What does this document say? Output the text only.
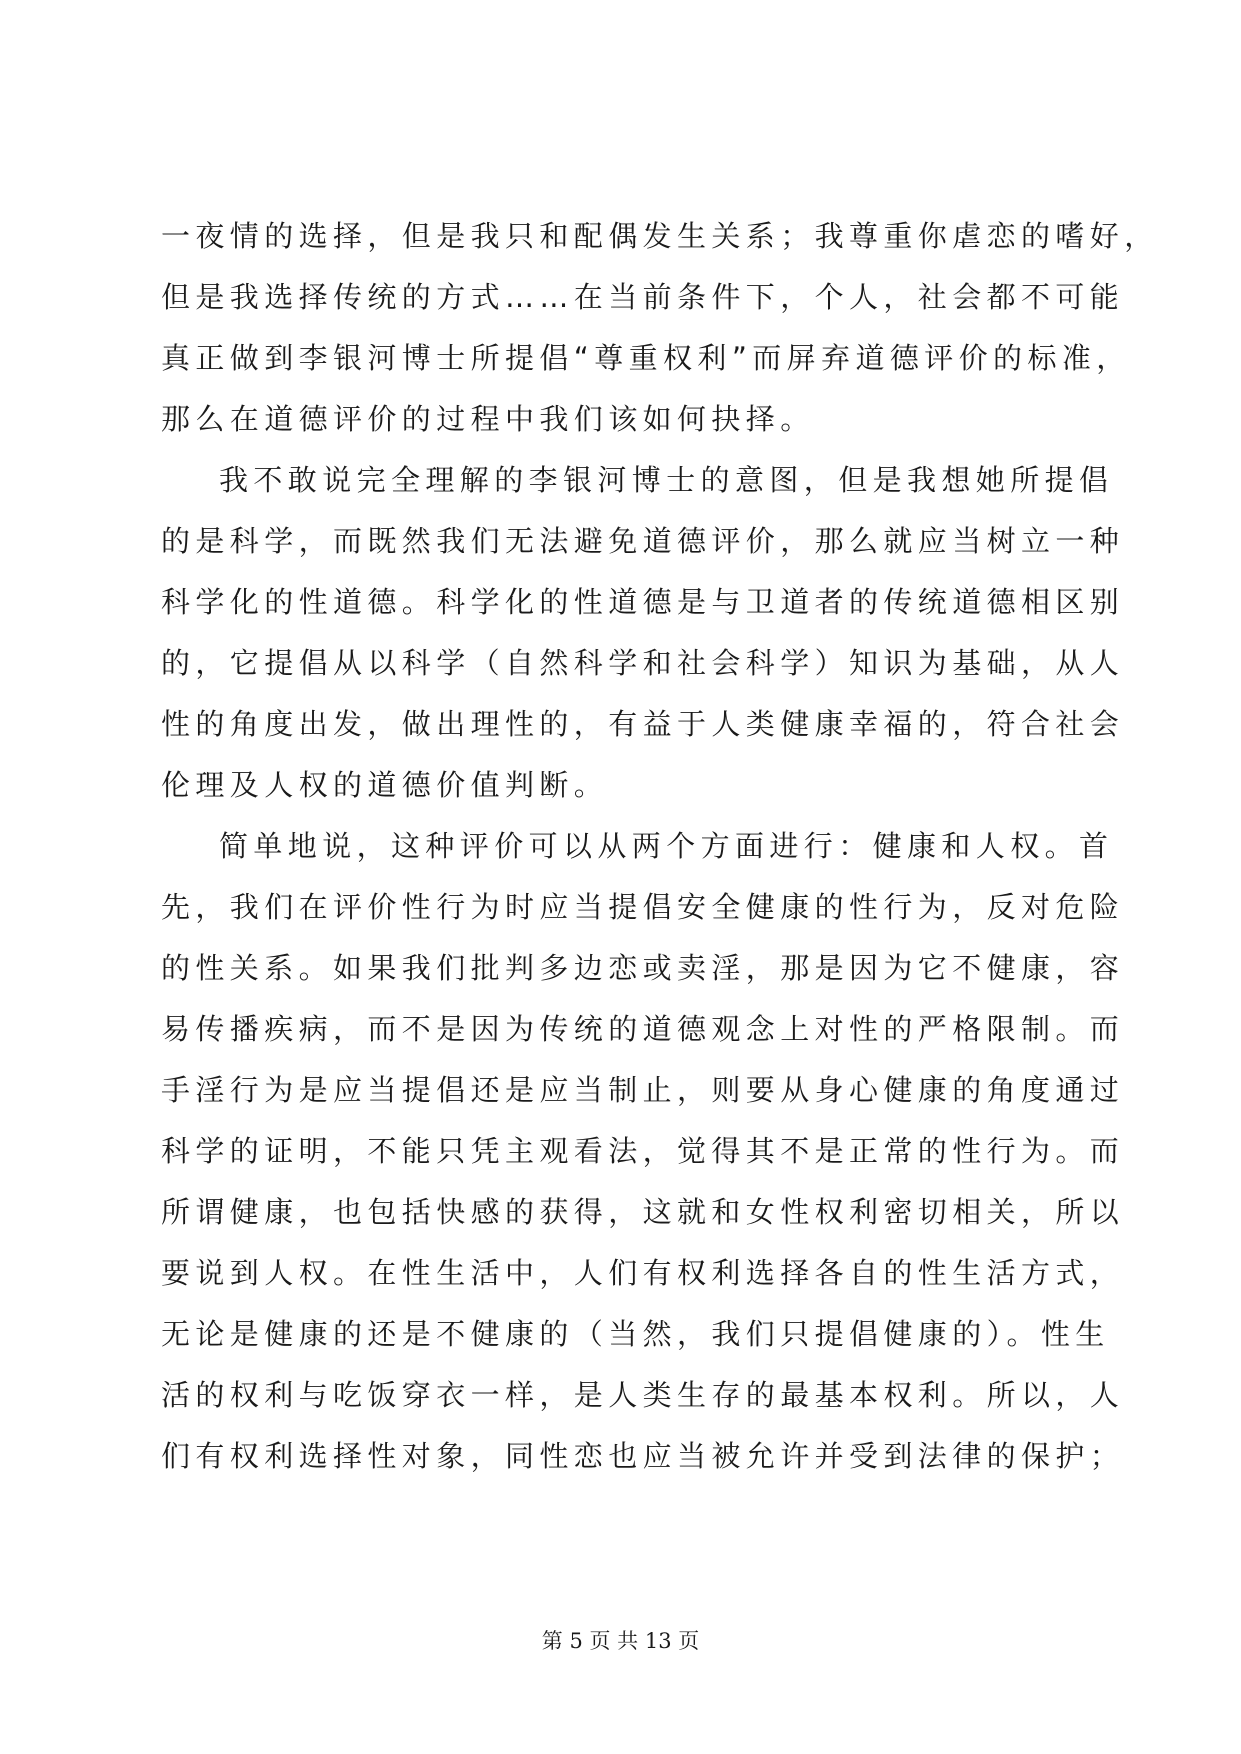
一夜情的选择，但是我只和配偶发生关系；我尊重你虐恋的嗜好，
但是我选择传统的方式……在当前条件下，个人，社会都不可能
真正做到李银河博士所提倡“尊重权利”而屏弃道德评价的标准，
那么在道德评价的过程中我们该如何抉择。
我不敢说完全理解的李银河博士的意图，但是我想她所提倡
的是科学，而既然我们无法避免道德评价，那么就应当树立一种
科学化的性道德。科学化的性道德是与卫道者的传统道德相区别
的，它提倡从以科学（自然科学和社会科学）知识为基础，从人
性的角度出发，做出理性的，有益于人类健康幸福的，符合社会
伦理及人权的道德价值判断。
简单地说，这种评价可以从两个方面进行：健康和人权。首
先，我们在评价性行为时应当提倡安全健康的性行为，反对危险
的性关系。如果我们批判多边恋或卖淫，那是因为它不健康，容
易传播疾病，而不是因为传统的道德观念上对性的严格限制。而
手淫行为是应当提倡还是应当制止，则要从身心健康的角度通过
科学的证明，不能只凭主观看法，觉得其不是正常的性行为。而
所谓健康，也包括快感的获得，这就和女性权利密切相关，所以
要说到人权。在性生活中，人们有权利选择各自的性生活方式，
无论是健康的还是不健康的（当然，我们只提倡健康的）。性生
活的权利与吃饭穿衣一样，是人类生存的最基本权利。所以，人
们有权利选择性对象，同性恋也应当被允许并受到法律的保护；
第 5 页 共 13 页
